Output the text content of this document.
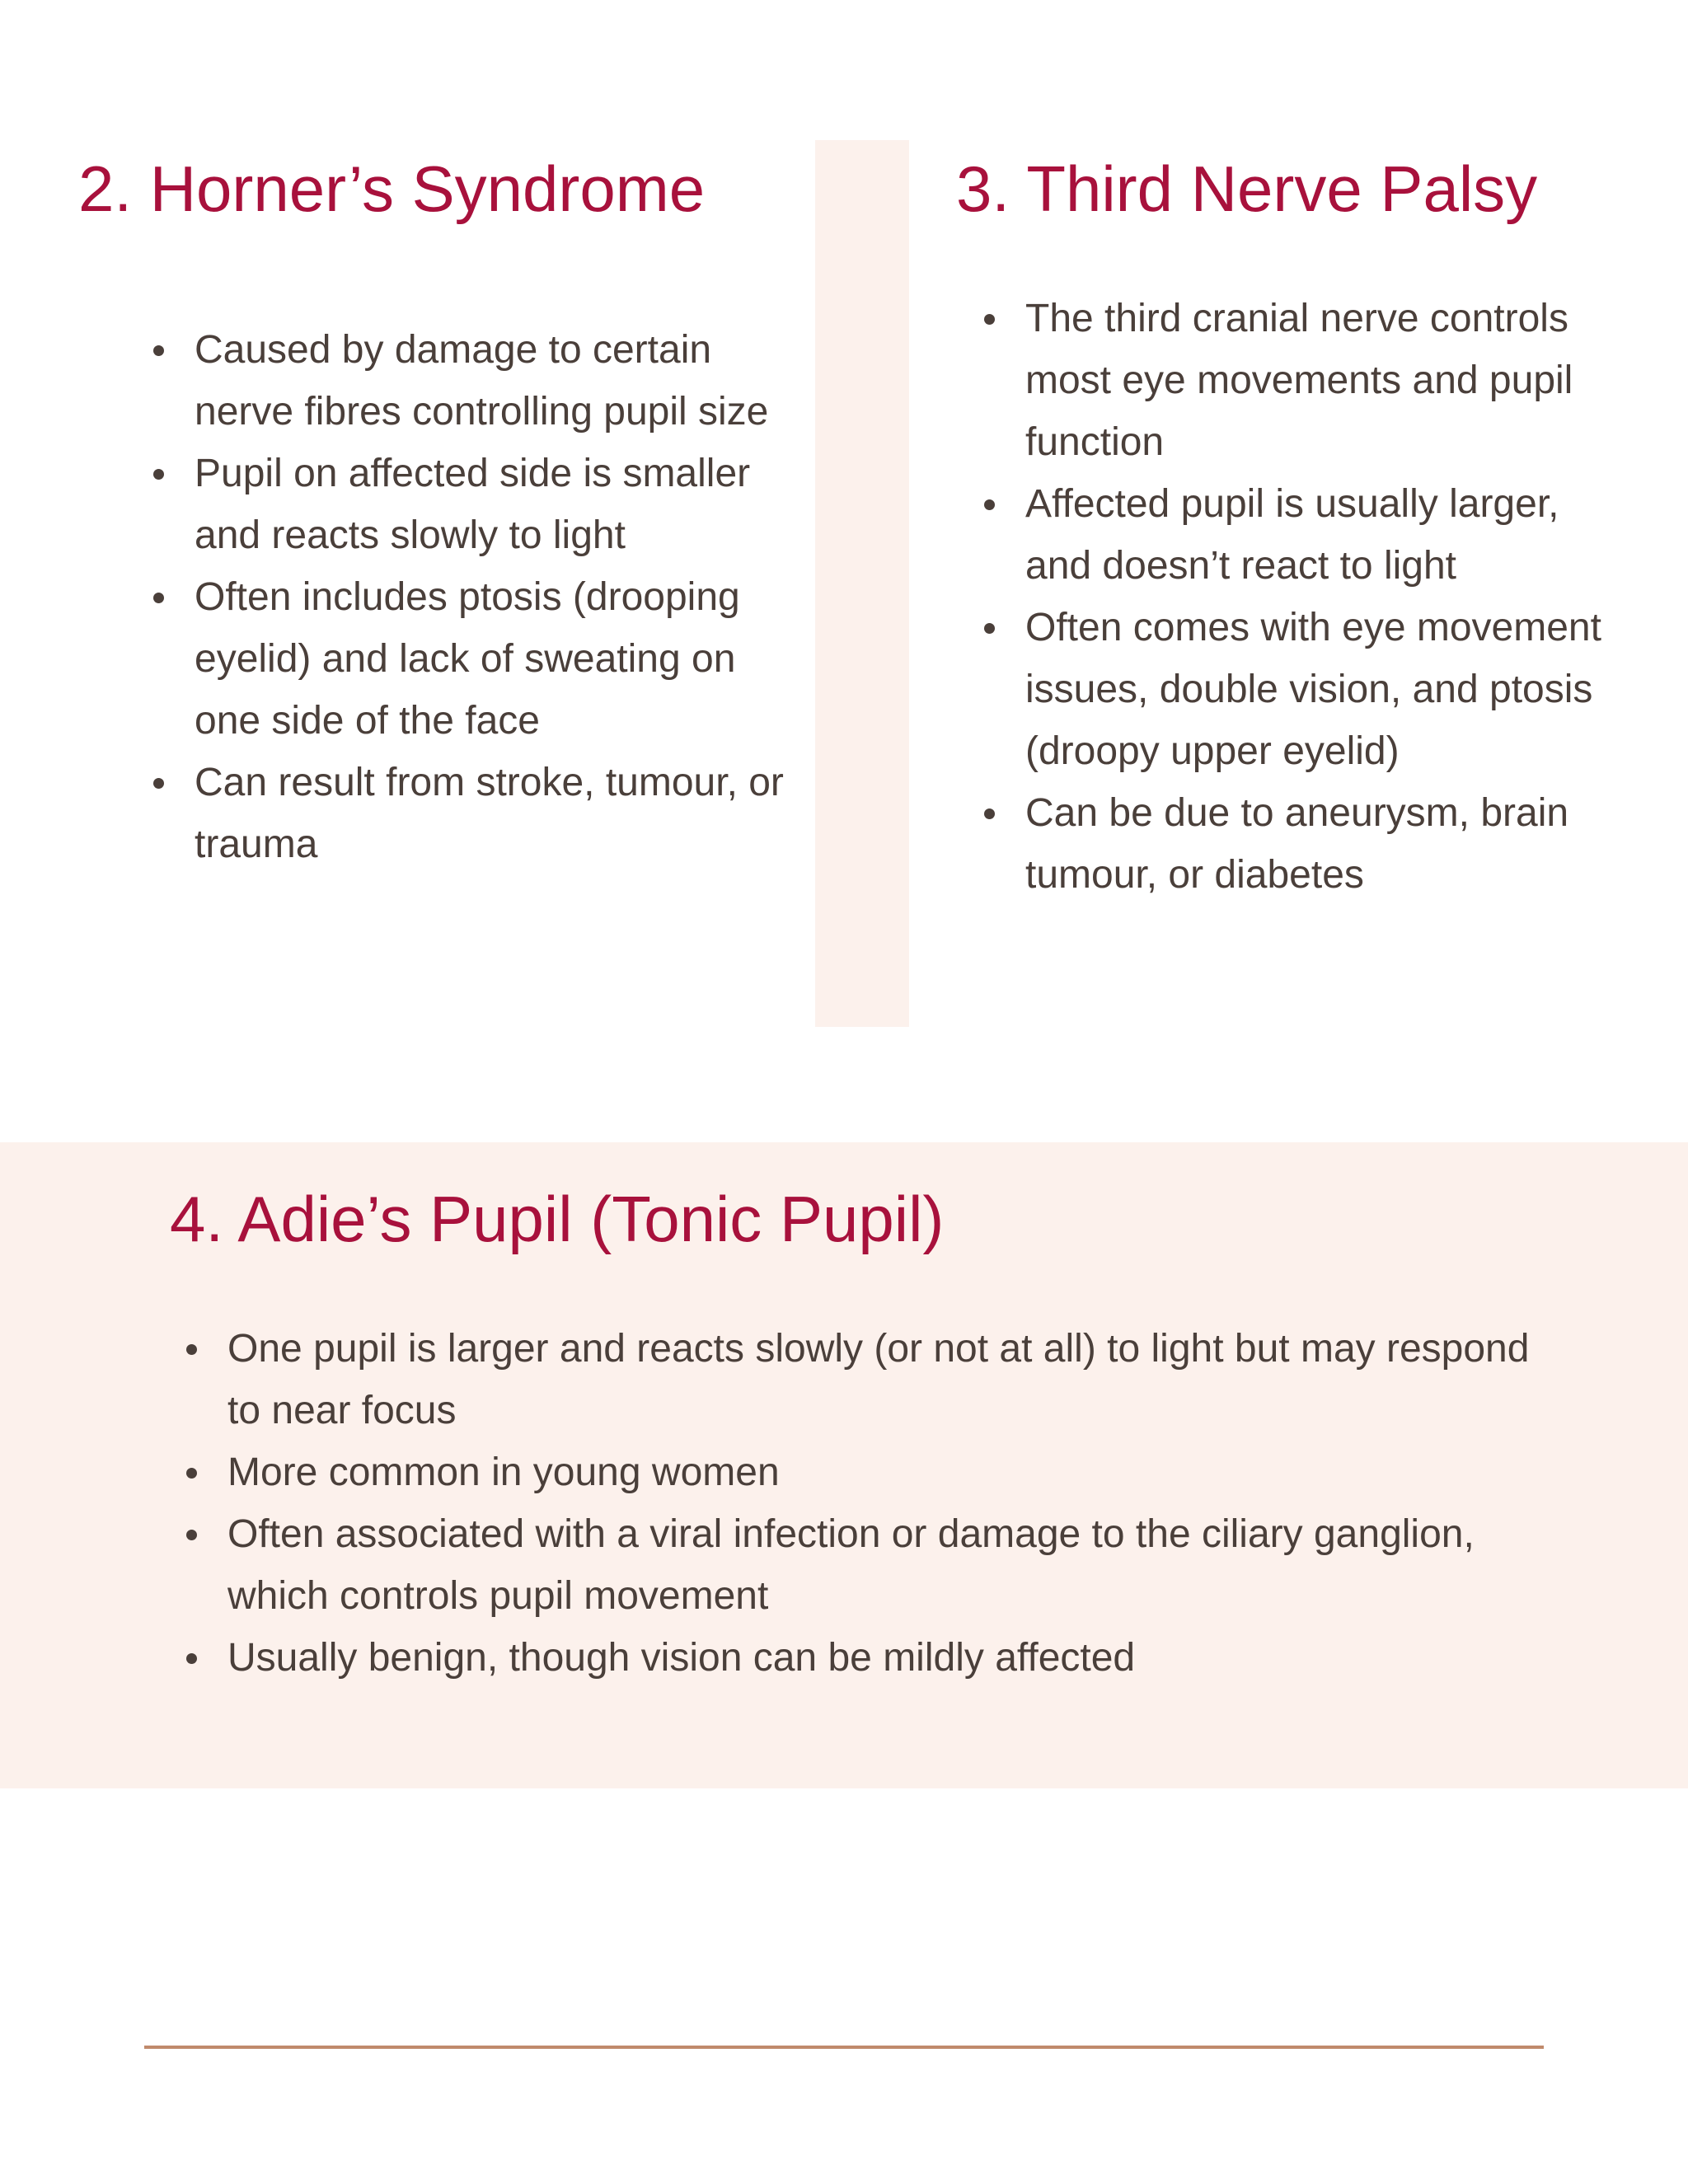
2. Horner’s Syndrome
Caused by damage to certain nerve fibres controlling pupil size
Pupil on affected side is smaller and reacts slowly to light
Often includes ptosis (drooping eyelid) and lack of sweating on one side of the face
Can result from stroke, tumour, or trauma
3. Third Nerve Palsy
The third cranial nerve controls most eye movements and pupil function
Affected pupil is usually larger, and doesn’t react to light
Often comes with eye movement issues, double vision, and ptosis (droopy upper eyelid)
Can be due to aneurysm, brain tumour, or diabetes
4. Adie’s Pupil (Tonic Pupil)
One pupil is larger and reacts slowly (or not at all) to light but may respond to near focus
More common in young women
Often associated with a viral infection or damage to the ciliary ganglion, which controls pupil movement
Usually benign, though vision can be mildly affected
